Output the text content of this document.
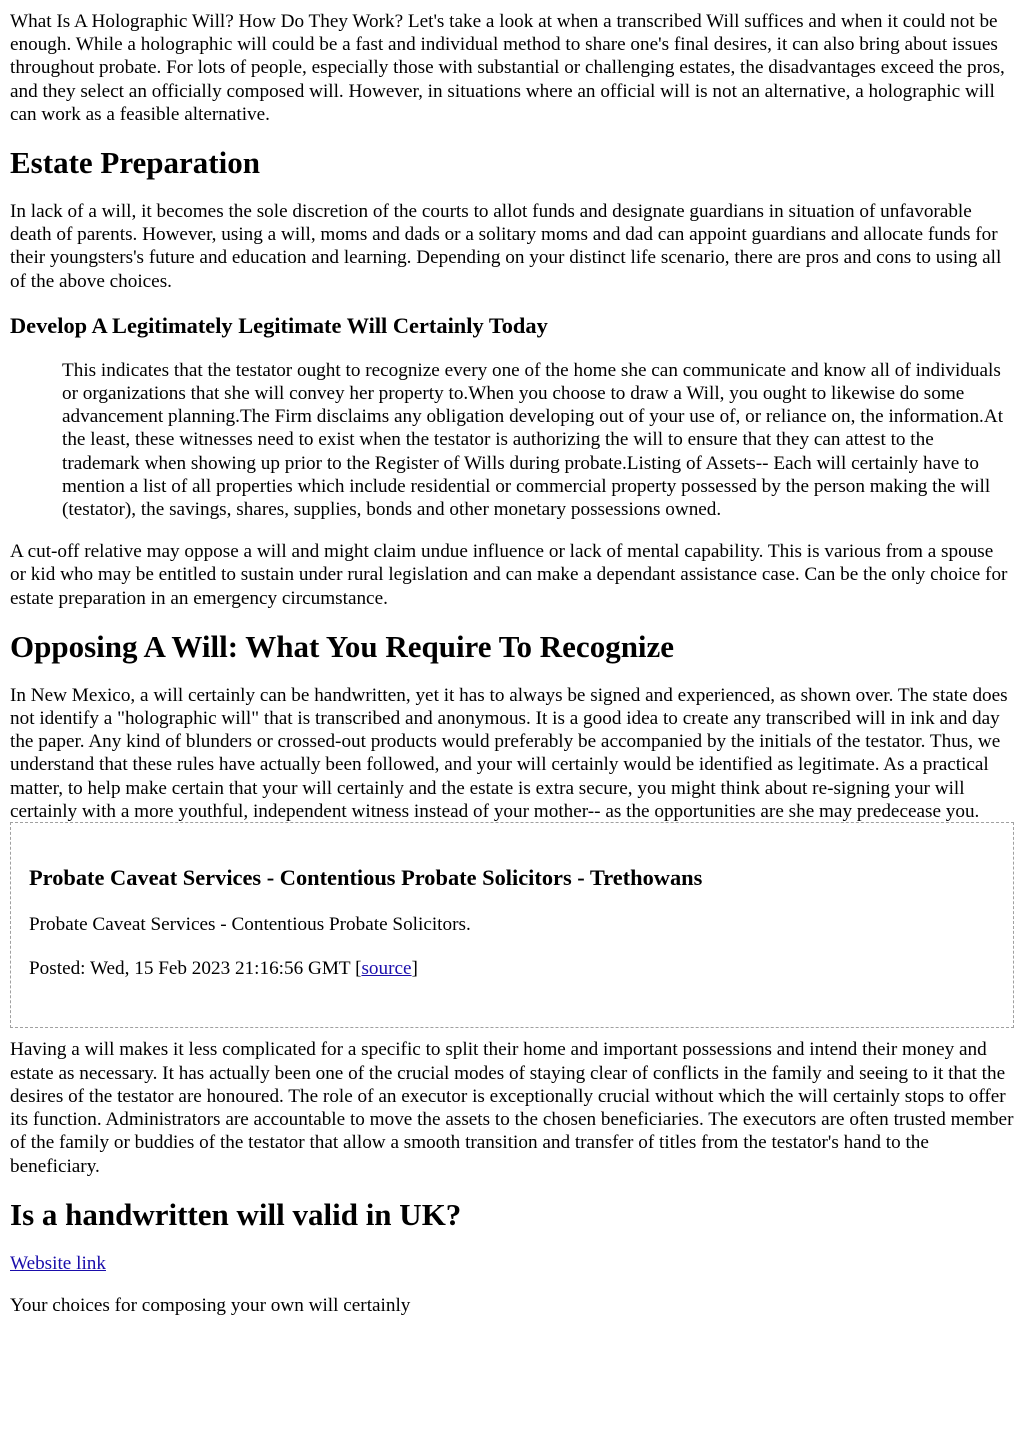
What Is A Holographic Will? How Do They Work? Let's take a look at when a transcribed Will suffices and when it could not be enough. While a holographic will could be a fast and individual method to share one's final desires, it can also bring about issues throughout probate. For lots of people, especially those with substantial or challenging estates, the disadvantages exceed the pros, and they select an officially composed will. However, in situations where an official will is not an alternative, a holographic will can work as a feasible alternative.

Estate Preparation

In lack of a will, it becomes the sole discretion of the courts to allot funds and designate guardians in situation of unfavorable death of parents. However, using a will, moms and dads or a solitary moms and dad can appoint guardians and allocate funds for their youngsters's future and education and learning. Depending on your distinct life scenario, there are pros and cons to using all of the above choices.

Develop A Legitimately Legitimate Will Certainly Today
This indicates that the testator ought to recognize every one of the home she can communicate and know all of individuals or organizations that she will convey her property to.When you choose to draw a Will, you ought to likewise do some advancement planning.The Firm disclaims any obligation developing out of your use of, or reliance on, the information.At the least, these witnesses need to exist when the testator is authorizing the will to ensure that they can attest to the trademark when showing up prior to the Register of Wills during probate.Listing of Assets-- Each will certainly have to mention a list of all properties which include residential or commercial property possessed by the person making the will (testator), the savings, shares, supplies, bonds and other monetary possessions owned.

A cut-off relative may oppose a will and might claim undue influence or lack of mental capability. This is various from a spouse or kid who may be entitled to sustain under rural legislation and can make a dependant assistance case. Can be the only choice for estate preparation in an emergency circumstance.

Opposing A Will: What You Require To Recognize

In New Mexico, a will certainly can be handwritten, yet it has to always be signed and experienced, as shown over. The state does not identify a "holographic will" that is transcribed and anonymous. It is a good idea to create any transcribed will in ink and day the paper. Any kind of blunders or crossed-out products would preferably be accompanied by the initials of the testator. Thus, we understand that these rules have actually been followed, and your will certainly would be identified as legitimate. As a practical matter, to help make certain that your will certainly and the estate is extra secure, you might think about re-signing your will certainly with a more youthful, independent witness instead of your mother-- as the opportunities are she may predecease you.

Probate Caveat Services - Contentious Probate Solicitors - Trethowans

Probate Caveat Services - Contentious Probate Solicitors.

Posted: Wed, 15 Feb 2023 21:16:56 GMT [source]

Having a will makes it less complicated for a specific to split their home and important possessions and intend their money and estate as necessary. It has actually been one of the crucial modes of staying clear of conflicts in the family and seeing to it that the desires of the testator are honoured. The role of an executor is exceptionally crucial without which the will certainly stops to offer its function. Administrators are accountable to move the assets to the chosen beneficiaries. The executors are often trusted member of the family or buddies of the testator that allow a smooth transition and transfer of titles from the testator's hand to the beneficiary.

Is a handwritten will valid in UK?

Website link

Your choices for composing your own will certainly
